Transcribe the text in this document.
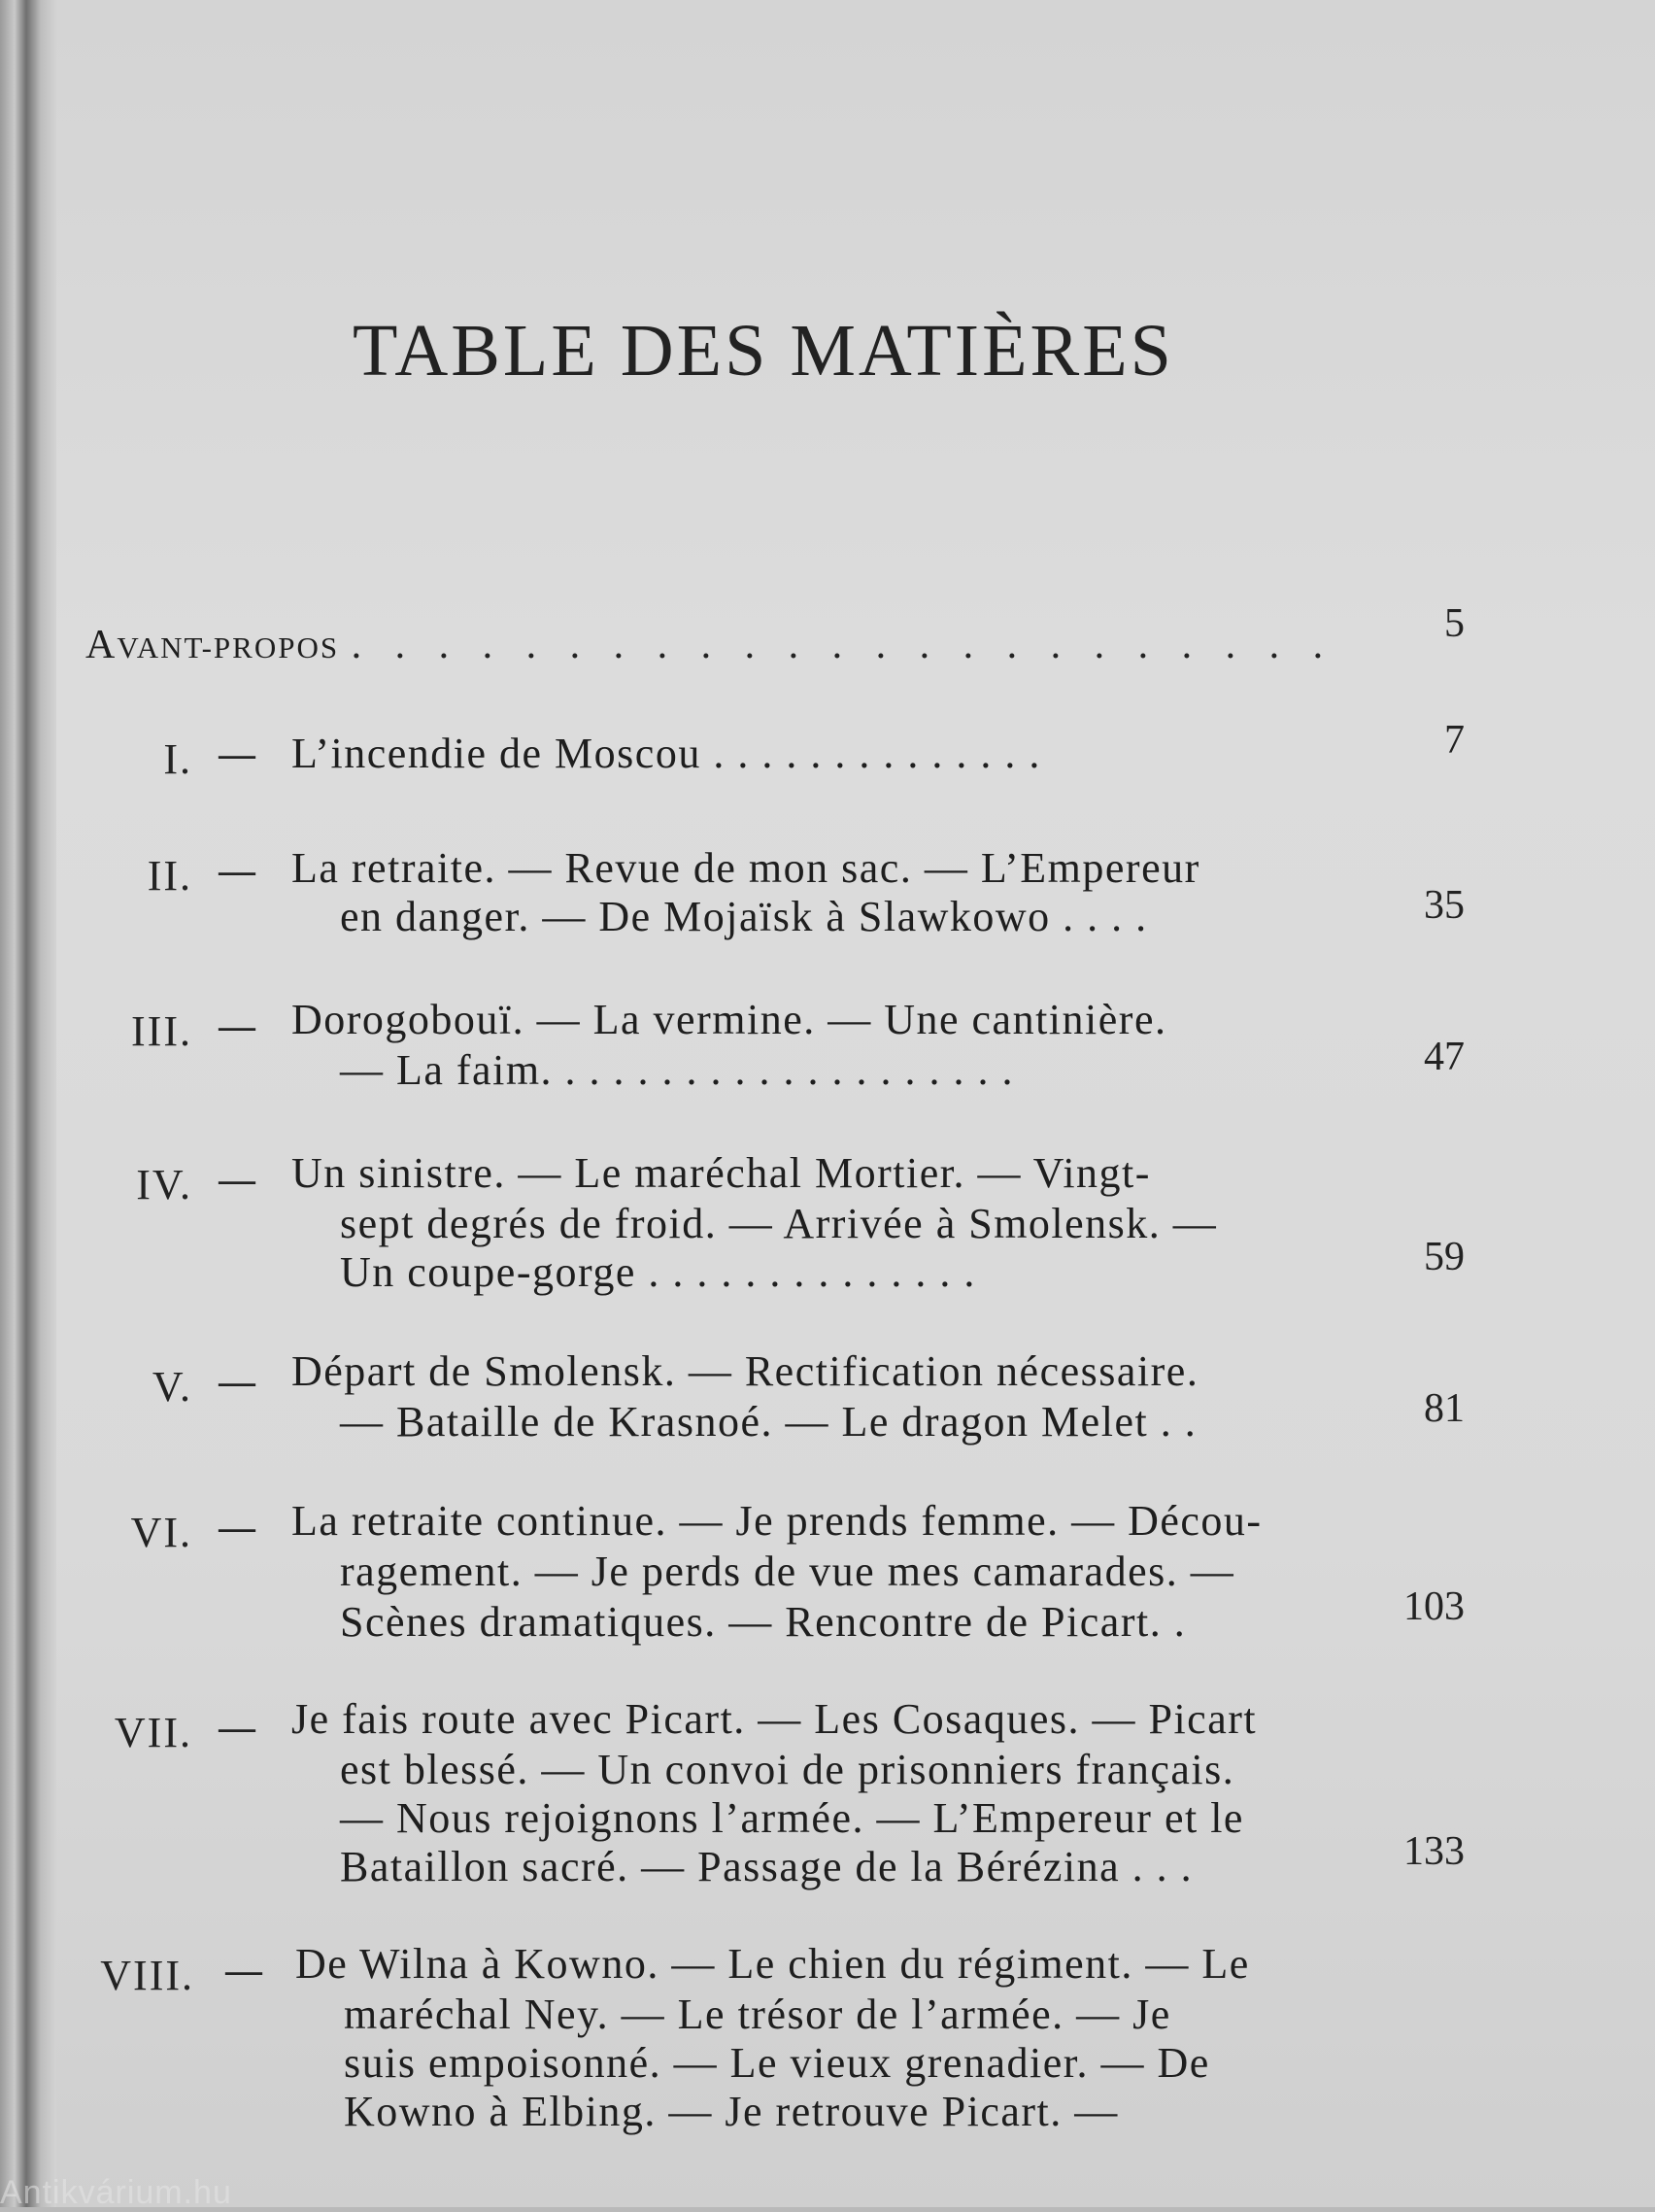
TABLE DES MATIÈRES
AVANT-PROPOS . . . . . . . . . . . . . . . . . . . . . . .	5
I. — L’incendie de Moscou . . . . . . . . . . . . . .	7
II. — La retraite. — Revue de mon sac. — L’Empereur
en danger. — De Mojaïsk à Slawkowo . . . .	35
III. — Dorogobouï. — La vermine. — Une cantinière.
— La faim. . . . . . . . . . . . . . . . . . . .	47
IV. — Un sinistre. — Le maréchal Mortier. — Vingt-
sept degrés de froid. — Arrivée à Smolensk. —
Un coupe-gorge . . . . . . . . . . . . . .	59
V. — Départ de Smolensk. — Rectification nécessaire.
— Bataille de Krasnoé. — Le dragon Melet . .	81
VI. — La retraite continue. — Je prends femme. — Décou-
ragement. — Je perds de vue mes camarades. —
Scènes dramatiques. — Rencontre de Picart. .	103
VII. — Je fais route avec Picart. — Les Cosaques. — Picart
est blessé. — Un convoi de prisonniers français.
— Nous rejoignons l’armée. — L’Empereur et le
Bataillon sacré. — Passage de la Bérézina . . .	133
VIII. — De Wilna à Kowno. — Le chien du régiment. — Le
maréchal Ney. — Le trésor de l’armée. — Je
suis empoisonné. — Le vieux grenadier. — De
Kowno à Elbing. — Je retrouve Picart. —
Antikvárium.hu
